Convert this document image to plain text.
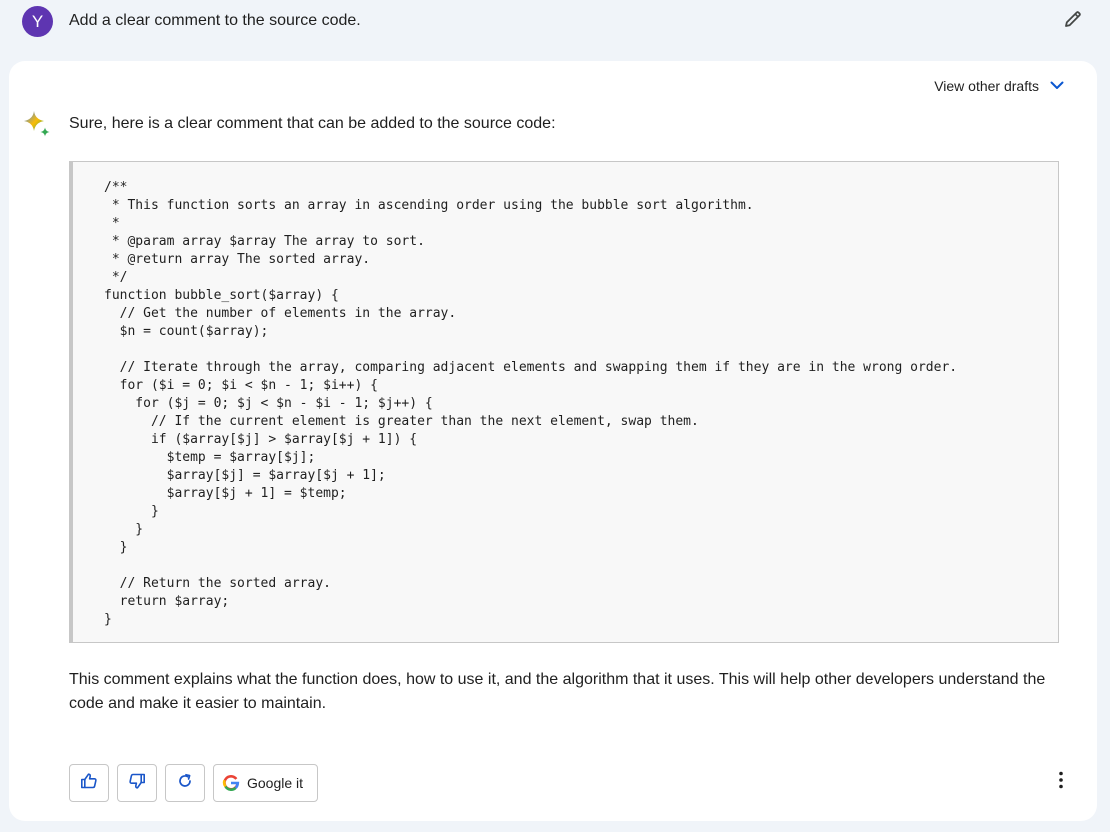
Y	Add a clear comment to the source code.
View other drafts
Sure, here is a clear comment that can be added to the source code:
/**
* This function sorts an array in ascending order using the bubble sort algorithm.
*
* @param array $array The array to sort.
* @return array The sorted array.
*/
function bubble_sort($array) {
// Get the number of elements in the array.
$n = count($array);
// Iterate through the array, comparing adjacent elements and swapping them if they are in the wrong order.
for ($i = 0; $i < $n - 1; $i++) {
for ($j = 0; $j < $n - $i - 1; $j++) {
// If the current element is greater than the next element, swap them.
if ($array[$j] > $array[$j + 1]) {
$temp = $array[$j];
$array[$j] = $array[$j + 1];
$array[$j + 1] = $temp;
}
}
}
// Return the sorted array.
return $array;
}
This comment explains what the function does, how to use it, and the algorithm that it uses. This will help other developers understand the code and make it easier to maintain.
Google it
